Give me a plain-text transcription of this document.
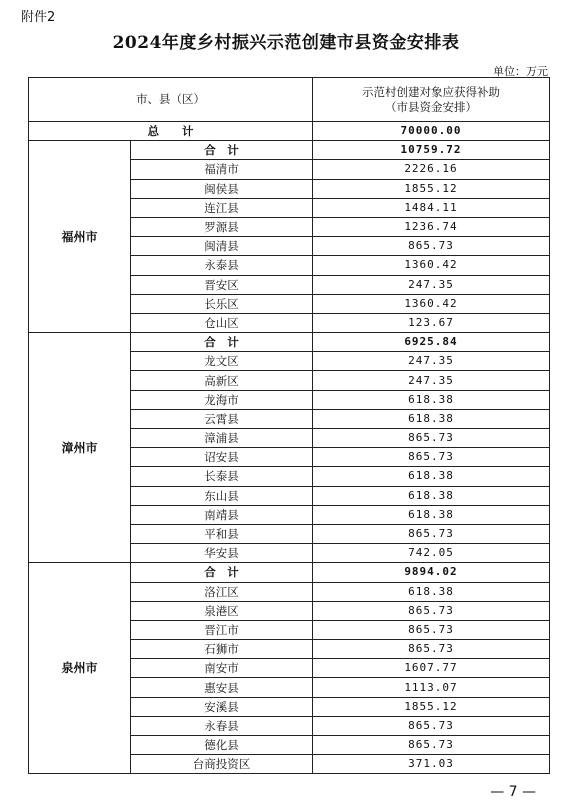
附件2
2024年度乡村振兴示范创建市县资金安排表
单位：万元
市、县（区）		示范村创建对象应获得补助
（市县资金安排）

总　　计		70000.00
福州市	合　计	10759.72
	福清市	2226.16
	闽侯县	1855.12
	连江县	1484.11
	罗源县	1236.74
	闽清县	865.73
	永泰县	1360.42
	晋安区	247.35
	长乐区	1360.42
	仓山区	123.67
漳州市	合　计	6925.84
	龙文区	247.35
	高新区	247.35
	龙海市	618.38
	云霄县	618.38
	漳浦县	865.73
	诏安县	865.73
	长泰县	618.38
	东山县	618.38
	南靖县	618.38
	平和县	865.73
	华安县	742.05
泉州市	合　计	9894.02
	洛江区	618.38
	泉港区	865.73
	晋江市	865.73
	石狮市	865.73
	南安市	1607.77
	惠安县	1113.07
	安溪县	1855.12
	永春县	865.73
	德化县	865.73
	台商投资区	371.03
— 7 —
